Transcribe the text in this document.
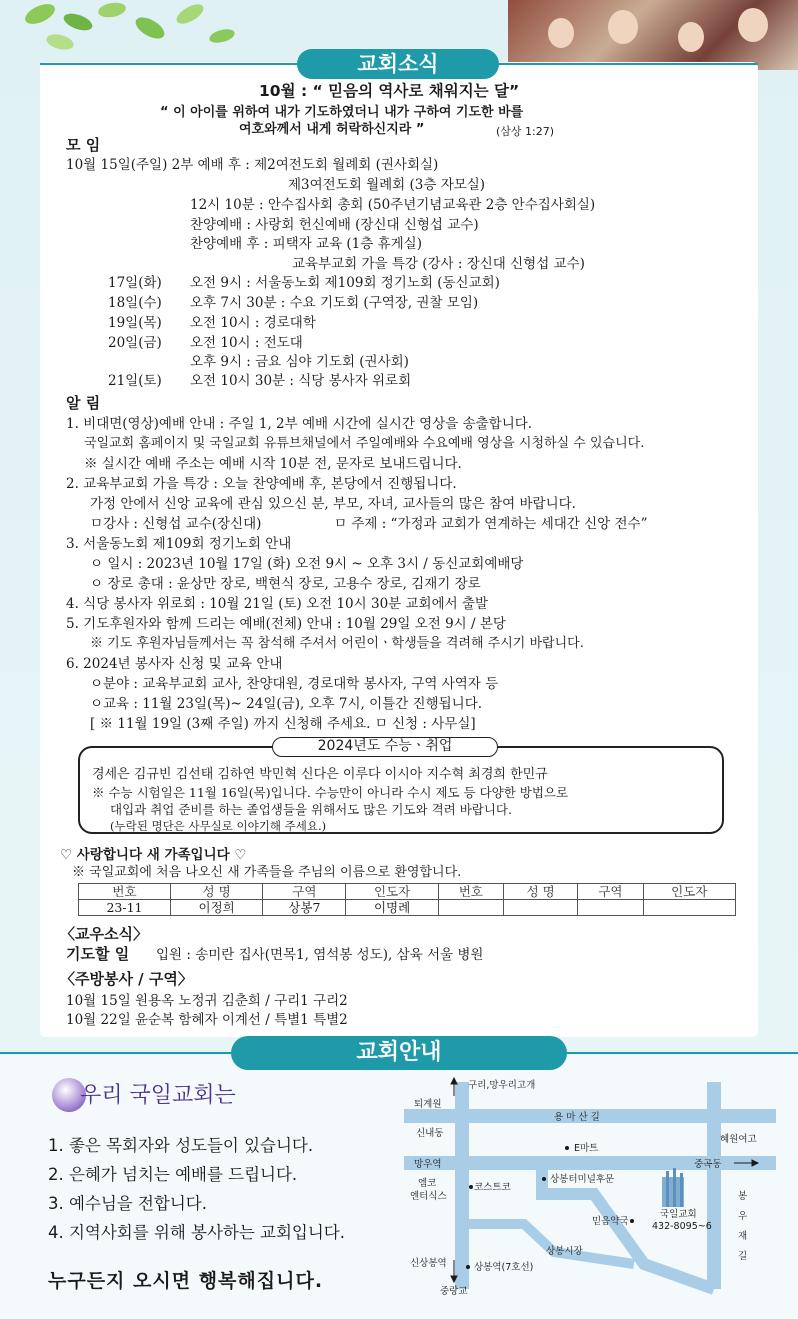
교회소식
10월 : “ 믿음의 역사로 채워지는 달”
“ 이 아이를 위하여 내가 기도하였더니 내가 구하여 기도한 바를
여호와께서 내게 허락하신지라 ”	(삼상 1:27)
모 임
10월 15일(주일) 2부 예배 후 : 제2여전도회 월례회 (권사회실)
제3여전도회 월례회 (3층 자모실)
12시 10분 : 안수집사회 총회 (50주년기념교육관 2층 안수집사회실)
찬양예배 : 사랑회 헌신예배 (장신대 신형섭 교수)
찬양예배 후 : 피택자 교육 (1층 휴게실)
교육부교회 가을 특강 (강사 : 장신대 신형섭 교수)
17일(화) 오전 9시 : 서울동노회 제109회 정기노회 (동신교회)
18일(수) 오후 7시 30분 : 수요 기도회 (구역장, 권찰 모임)
19일(목) 오전 10시 : 경로대학
20일(금) 오전 10시 : 전도대
오후 9시 : 금요 심야 기도회 (권사회)
21일(토) 오전 10시 30분 : 식당 봉사자 위로회
알 림
1. 비대면(영상)예배 안내 : 주일 1, 2부 예배 시간에 실시간 영상을 송출합니다.
국일교회 홈페이지 및 국일교회 유튜브채널에서 주일예배와 수요예배 영상을 시청하실 수 있습니다.
※ 실시간 예배 주소는 예배 시작 10분 전, 문자로 보내드립니다.
2. 교육부교회 가을 특강 : 오늘 찬양예배 후, 본당에서 진행됩니다.
가정 안에서 신앙 교육에 관심 있으신 분, 부모, 자녀, 교사들의 많은 참여 바랍니다.
ㅁ강사 : 신형섭 교수(장신대)	ㅁ 주제 : “가정과 교회가 연계하는 세대간 신앙 전수”
3. 서울동노회 제109회 정기노회 안내
ㅇ 일시 : 2023년 10월 17일 (화) 오전 9시 ~ 오후 3시 / 동신교회예배당
ㅇ 장로 총대 : 윤상만 장로, 백현식 장로, 고용수 장로, 김재기 장로
4. 식당 봉사자 위로회 : 10월 21일 (토) 오전 10시 30분 교회에서 출발
5. 기도후원자와 함께 드리는 예배(전체) 안내 : 10월 29일 오전 9시 / 본당
※ 기도 후원자님들께서는 꼭 참석해 주셔서 어린이ㆍ학생들을 격려해 주시기 바랍니다.
6. 2024년 봉사자 신청 및 교육 안내
ㅇ분야 : 교육부교회 교사, 찬양대원, 경로대학 봉사자, 구역 사역자 등
ㅇ교육 : 11월 23일(목)~ 24일(금), 오후 7시, 이틀간 진행됩니다.
[ ※ 11월 19일 (3째 주일) 까지 신청해 주세요. ㅁ 신청 : 사무실]
2024년도 수능ㆍ취업
경세은 김규빈 김선태 김하연 박민혁 신다은 이루다 이시아 지수혁 최경희 한민규
※ 수능 시험일은 11월 16일(목)입니다. 수능만이 아니라 수시 제도 등 다양한 방법으로
대입과 취업 준비를 하는 졸업생들을 위해서도 많은 기도와 격려 바랍니다.
(누락된 명단은 사무실로 이야기해 주세요.)
♡ 사랑합니다 새 가족입니다 ♡
※ 국일교회에 처음 나오신 새 가족들을 주님의 이름으로 환영합니다.
번호	성 명	구역	인도자	번호	성 명	구역	인도자
23-11	이정희	상봉7	이명례				
〈교우소식〉
기도할 일 입원 : 송미란 집사(면목1, 염석봉 성도), 삼육 서울 병원
〈주방봉사 / 구역〉
10월 15일 원용옥 노정귀 김춘희 / 구리1 구리2
10월 22일 윤순복 함혜자 이계선 / 특별1 특별2
교회안내
우리 국일교회는
1. 좋은 목회자와 성도들이 있습니다.
2. 은혜가 넘치는 예배를 드립니다.
3. 예수님을 전합니다.
4. 지역사회를 위해 봉사하는 교회입니다.
누구든지 오시면 행복해집니다.
퇴계원
구리,망우리고개
용 마 산 길
신내동
E마트
혜원여고
망우역	중곡동
엠코
엔터식스
코스트코
상봉터미널후문
국일교회
432-8095~6
믿음약국
봉
우
재
길
상봉시장
신상봉역	상봉역(7호선)
중랑교
